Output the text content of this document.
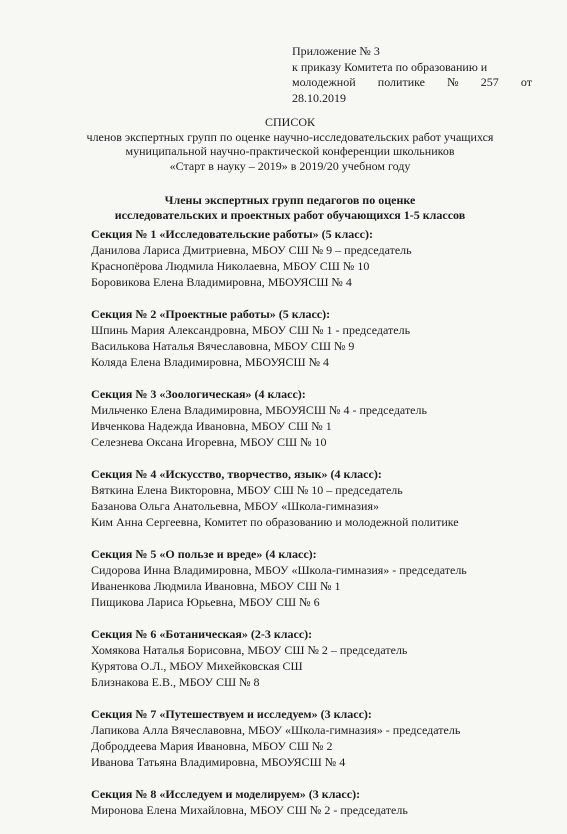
Приложение № 3
к приказу Комитета по образованию и
молодежной политике № 257 от
28.10.2019
СПИСОК
членов экспертных групп по оценке научно-исследовательских работ учащихся
муниципальной научно-практической конференции школьников
«Старт в науку – 2019» в 2019/20 учебном году
Члены экспертных групп педагогов по оценке
исследовательских и проектных работ обучающихся 1-5 классов
Секция № 1 «Исследовательские работы» (5 класс):
Данилова Лариса Дмитриевна, МБОУ СШ № 9 – председатель
Краснопёрова Людмила Николаевна, МБОУ СШ № 10
Боровикова Елена Владимировна, МБОУЯСШ № 4
Секция № 2 «Проектные работы» (5 класс):
Шпинь Мария Александровна, МБОУ СШ № 1 - председатель
Василькова Наталья Вячеславовна, МБОУ СШ № 9
Коляда Елена Владимировна, МБОУЯСШ № 4
Секция № 3 «Зоологическая» (4 класс):
Мильченко Елена Владимировна, МБОУЯСШ № 4 - председатель
Ивченкова Надежда Ивановна, МБОУ СШ № 1
Селезнева Оксана Игоревна, МБОУ СШ № 10
Секция № 4 «Искусство, творчество, язык» (4 класс):
Вяткина Елена Викторовна, МБОУ СШ № 10 – председатель
Базанова Ольга Анатольевна, МБОУ «Школа-гимназия»
Ким Анна Сергеевна, Комитет по образованию и молодежной политике
Секция № 5 «О пользе и вреде» (4 класс):
Сидорова Инна Владимировна, МБОУ «Школа-гимназия» - председатель
Иваненкова Людмила Ивановна, МБОУ СШ № 1
Пищикова Лариса Юрьевна, МБОУ СШ № 6
Секция № 6 «Ботаническая» (2-3 класс):
Хомякова Наталья Борисовна, МБОУ СШ № 2 – председатель
Курятова О.Л., МБОУ Михейковская СШ
Близнакова Е.В., МБОУ СШ № 8
Секция № 7 «Путешествуем и исследуем» (3 класс):
Лапикова Алла Вячеславовна, МБОУ «Школа-гимназия» - председатель
Доброддеева Мария Ивановна, МБОУ СШ № 2
Иванова Татьяна Владимировна, МБОУЯСШ № 4
Секция № 8 «Исследуем и моделируем» (3 класс):
Миронова Елена Михайловна, МБОУ СШ № 2 - председатель
